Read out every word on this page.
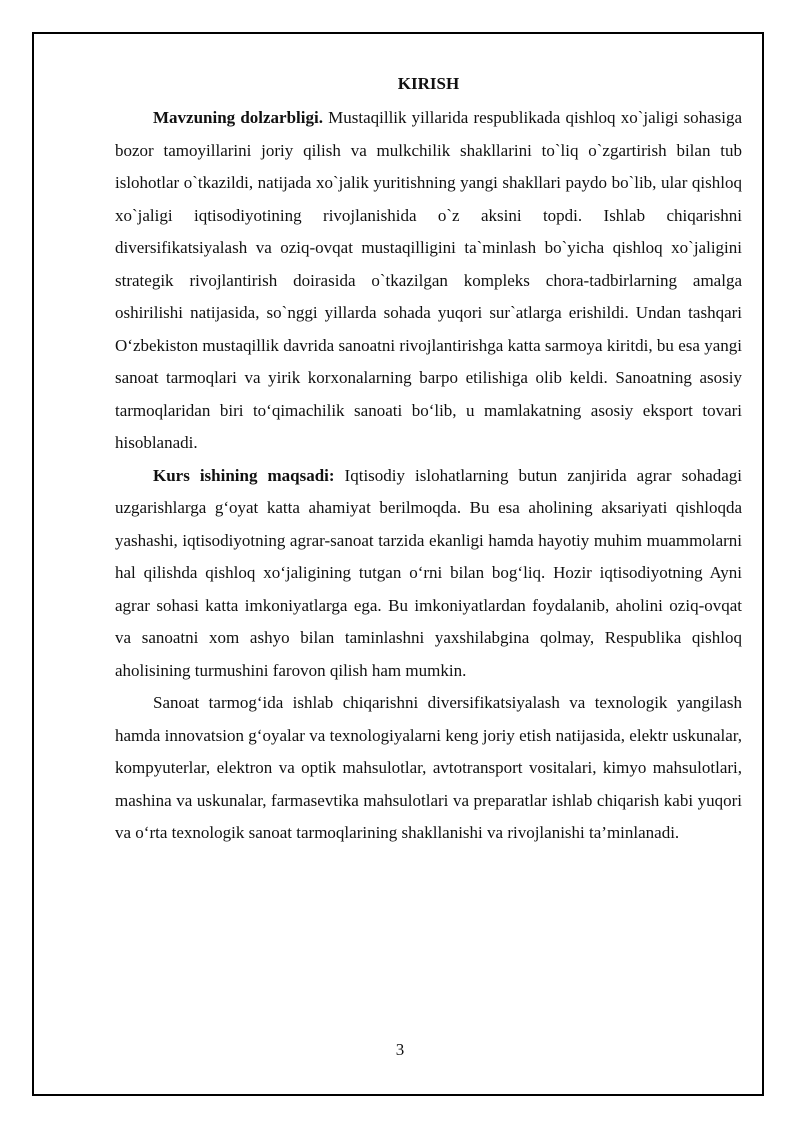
KIRISH

Mavzuning dolzarbligi. Mustaqillik yillarida respublikada qishloq xo`jaligi sohasiga bozor tamoyillarini joriy qilish va mulkchilik shakllarini to`liq o`zgartirish bilan tub islohotlar o`tkazildi, natijada xo`jalik yuritishning yangi shakllari paydo bo`lib, ular qishloq xo`jaligi iqtisodiyotining rivojlanishida o`z aksini topdi. Ishlab chiqarishni diversifikatsiyalash va oziq-ovqat mustaqilligini ta`minlash bo`yicha qishloq xo`jaligini strategik rivojlantirish doirasida o`tkazilgan kompleks chora-tadbirlarning amalga oshirilishi natijasida, so`nggi yillarda sohada yuqori sur`atlarga erishildi. Undan tashqari O‘zbekiston mustaqillik davrida sanoatni rivojlantirishga katta sarmoya kiritdi, bu esa yangi sanoat tarmoqlari va yirik korxonalarning barpo etilishiga olib keldi. Sanoatning asosiy tarmoqlaridan biri to‘qimachilik sanoati bo‘lib, u mamlakatning asosiy eksport tovari hisoblanadi.

Kurs ishining maqsadi: Iqtisodiy islohatlarning butun zanjirida agrar sohadagi uzgarishlarga g‘oyat katta ahamiyat berilmoqda. Bu esa aholining aksariyati qishloqda yashashi, iqtisodiyotning agrar-sanoat tarzida ekanligi hamda hayotiy muhim muammolarni hal qilishda qishloq xo‘jaligining tutgan o‘rni bilan bog‘liq. Hozir iqtisodiyotning Ayni agrar sohasi katta imkoniyatlarga ega. Bu imkoniyatlardan foydalanib, aholini oziq-ovqat va sanoatni xom ashyo bilan taminlashni yaxshilabgina qolmay, Respublika qishloq aholisining turmushini farovon qilish ham mumkin.

Sanoat tarmog‘ida ishlab chiqarishni diversifikatsiyalash va texnologik yangilash hamda innovatsion g‘oyalar va texnologiyalarni keng joriy etish natijasida, elektr uskunalar, kompyuterlar, elektron va optik mahsulotlar, avtotransport vositalari, kimyo mahsulotlari, mashina va uskunalar, farmasevtika mahsulotlari va preparatlar ishlab chiqarish kabi yuqori va o‘rta texnologik sanoat tarmoqlarining shakllanishi va rivojlanishi ta’minlanadi.

3
